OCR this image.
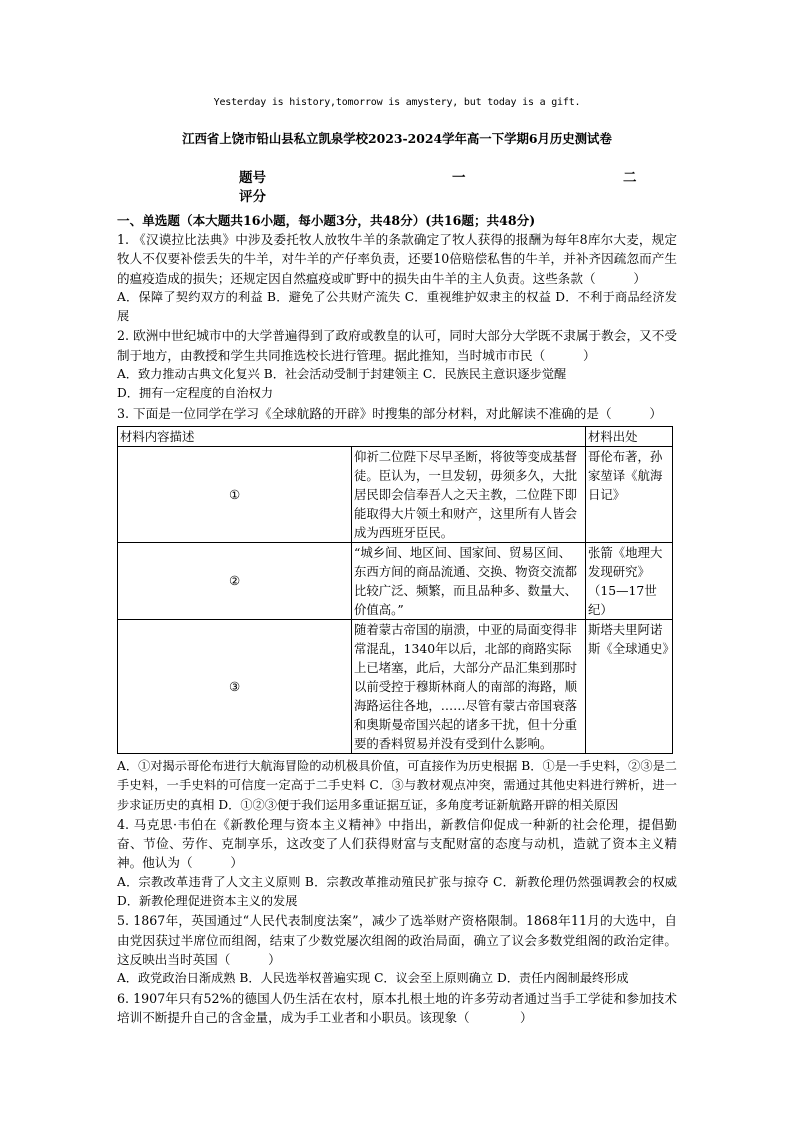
Yesterday is history,tomorrow is amystery, but today is a gift.
江西省上饶市铅山县私立凯泉学校2023-2024学年高一下学期6月历史测试卷
题号	一	二
评分
一、单选题（本大题共16小题，每小题3分，共48分）(共16题；共48分)

1. 《汉谟拉比法典》中涉及委托牧人放牧牛羊的条款确定了牧人获得的报酬为每年8库尔大麦，规定牧人不仅要补偿丢失的牛羊，对牛羊的产仔率负责，还要10倍赔偿私售的牛羊，并补齐因疏忽而产生的瘟疫造成的损失；还规定因自然瘟疫或旷野中的损失由牛羊的主人负责。这些条款（　　　）

A．保障了契约双方的利益 B．避免了公共财产流失 C．重视维护奴隶主的权益 D．不利于商品经济发展

2. 欧洲中世纪城市中的大学普遍得到了政府或教皇的认可，同时大部分大学既不隶属于教会，又不受制于地方，由教授和学生共同推选校长进行管理。据此推知，当时城市市民（　　　）

A．致力推动古典文化复兴 B．社会活动受制于封建领主 C．民族民主意识逐步觉醒

D．拥有一定程度的自治权力

3. 下面是一位同学在学习《全球航路的开辟》时搜集的部分材料，对此解读不准确的是（　　　）

材料内容描述		材料出处
①	仰祈二位陛下尽早圣断，将彼等变成基督徒。臣认为，一旦发轫，毋须多久，大批居民即会信奉吾人之天主教，二位陛下即能取得大片领土和财产，这里所有人皆会成为西班牙臣民。	哥伦布著，孙家堃译《航海日记》
②	“城乡间、地区间、国家间、贸易区间、东西方间的商品流通、交换、物资交流都比较广泛、频繁，而且品种多、数量大、价值高。”	张箭《地理大发现研究》（15—17世纪）
③	随着蒙古帝国的崩溃，中亚的局面变得非常混乱，1340年以后，北部的商路实际上已堵塞，此后，大部分产品汇集到那时以前受控于穆斯林商人的南部的海路，顺海路运往各地，……尽管有蒙古帝国衰落和奥斯曼帝国兴起的诸多干扰，但十分重要的香料贸易并没有受到什么影响。	斯塔夫里阿诺斯《全球通史》

A．①对揭示哥伦布进行大航海冒险的动机极具价值，可直接作为历史根据 B．①是一手史料，②③是二手史料，一手史料的可信度一定高于二手史料 C．③与教材观点冲突，需通过其他史料进行辨析，进一步求证历史的真相 D．①②③便于我们运用多重证据互证，多角度考证新航路开辟的相关原因

4. 马克思·韦伯在《新教伦理与资本主义精神》中指出，新教信仰促成一种新的社会伦理，提倡勤奋、节俭、劳作、克制享乐，这改变了人们获得财富与支配财富的态度与动机，造就了资本主义精神。他认为（　　　）

A．宗教改革违背了人文主义原则 B．宗教改革推动殖民扩张与掠夺 C．新教伦理仍然强调教会的权威 D．新教伦理促进资本主义的发展

5. 1867年，英国通过“人民代表制度法案”，减少了选举财产资格限制。1868年11月的大选中，自由党因获过半席位而组阁，结束了少数党屡次组阁的政治局面，确立了议会多数党组阁的政治定律。这反映出当时英国（　　　）

A．政党政治日渐成熟 B．人民选举权普遍实现 C．议会至上原则确立 D．责任内阁制最终形成

6. 1907年只有52%的德国人仍生活在农村，原本扎根土地的许多劳动者通过当手工学徒和参加技术培训不断提升自己的含金量，成为手工业者和小职员。该现象（　　　　）
